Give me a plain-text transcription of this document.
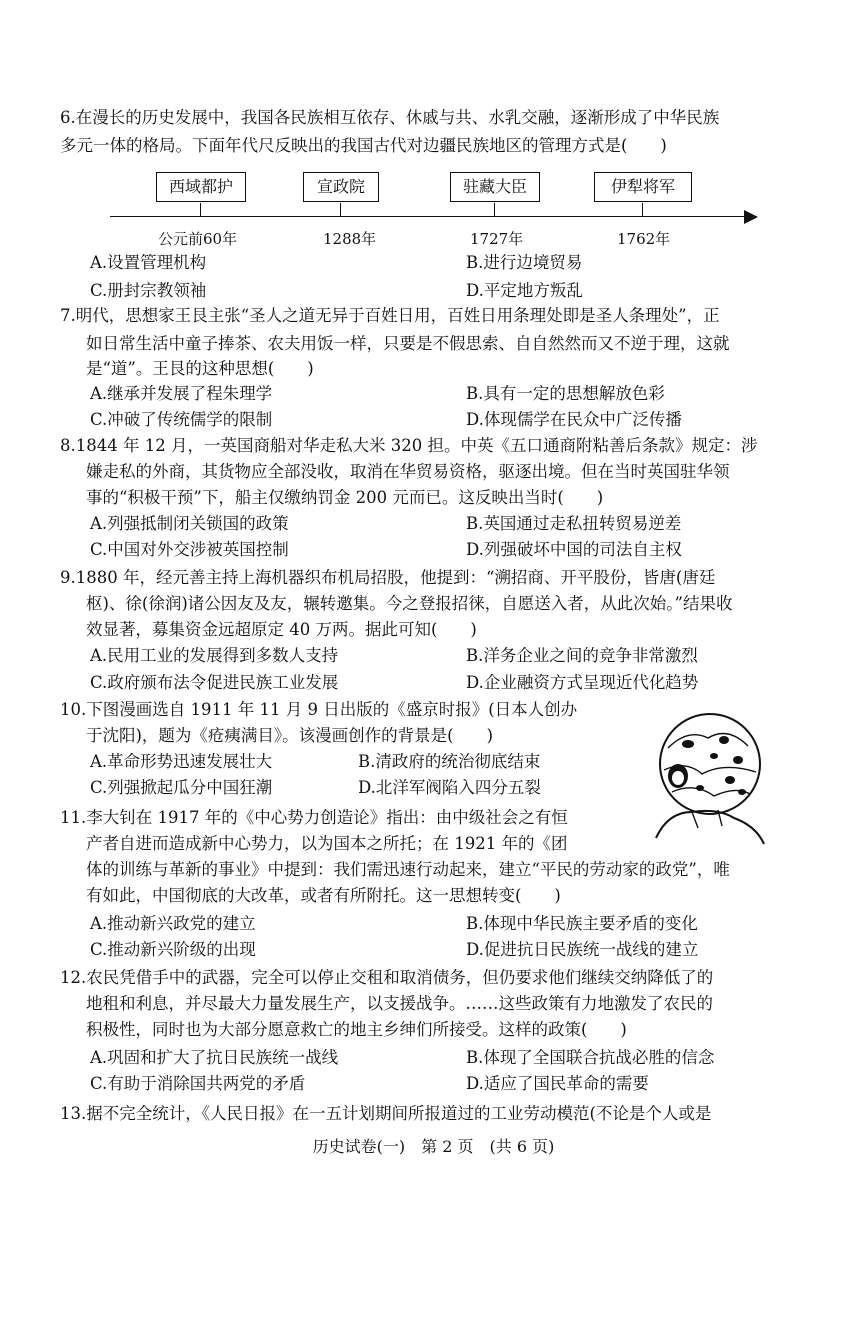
6.在漫长的历史发展中，我国各民族相互依存、休戚与共、水乳交融，逐渐形成了中华民族
多元一体的格局。下面年代尺反映出的我国古代对边疆民族地区的管理方式是(　　)
西域都护	宣政院	驻藏大臣	伊犁将军
公元前60年	1288年	1727年	1762年
A.设置管理机构	B.进行边境贸易
C.册封宗教领袖	D.平定地方叛乱
7.明代，思想家王艮主张“圣人之道无异于百姓日用，百姓日用条理处即是圣人条理处”，正
如日常生活中童子捧茶、农夫用饭一样，只要是不假思索、自自然然而又不逆于理，这就
是“道”。王艮的这种思想(　　)
A.继承并发展了程朱理学	B.具有一定的思想解放色彩
C.冲破了传统儒学的限制	D.体现儒学在民众中广泛传播
8.1844 年 12 月，一英国商船对华走私大米 320 担。中英《五口通商附粘善后条款》规定：涉
嫌走私的外商，其货物应全部没收，取消在华贸易资格，驱逐出境。但在当时英国驻华领
事的“积极干预”下，船主仅缴纳罚金 200 元而已。这反映出当时(　　)
A.列强抵制闭关锁国的政策	B.英国通过走私扭转贸易逆差
C.中国对外交涉被英国控制	D.列强破坏中国的司法自主权
9.1880 年，经元善主持上海机器织布机局招股，他提到：“溯招商、开平股份，皆唐(唐廷
枢)、徐(徐润)诸公因友及友，辗转邀集。今之登报招徕，自愿送入者，从此次始。”结果收
效显著，募集资金远超原定 40 万两。据此可知(　　)
A.民用工业的发展得到多数人支持	B.洋务企业之间的竞争非常激烈
C.政府颁布法令促进民族工业发展	D.企业融资方式呈现近代化趋势
10.下图漫画选自 1911 年 11 月 9 日出版的《盛京时报》(日本人创办
于沈阳)，题为《疮痍满目》。该漫画创作的背景是(　　)
A.革命形势迅速发展壮大	B.清政府的统治彻底结束
C.列强掀起瓜分中国狂潮	D.北洋军阀陷入四分五裂
11.李大钊在 1917 年的《中心势力创造论》指出：由中级社会之有恒
产者自进而造成新中心势力，以为国本之所托；在 1921 年的《团
体的训练与革新的事业》中提到：我们需迅速行动起来，建立“平民的劳动家的政党”，唯
有如此，中国彻底的大改革，或者有所附托。这一思想转变(　　)
A.推动新兴政党的建立	B.体现中华民族主要矛盾的变化
C.推动新兴阶级的出现	D.促进抗日民族统一战线的建立
12.农民凭借手中的武器，完全可以停止交租和取消债务，但仍要求他们继续交纳降低了的
地租和利息，并尽最大力量发展生产，以支援战争。……这些政策有力地激发了农民的
积极性，同时也为大部分愿意救亡的地主乡绅们所接受。这样的政策(　　)
A.巩固和扩大了抗日民族统一战线	B.体现了全国联合抗战必胜的信念
C.有助于消除国共两党的矛盾	D.适应了国民革命的需要
13.据不完全统计，《人民日报》在一五计划期间所报道过的工业劳动模范(不论是个人或是
历史试卷(一)　第 2 页　(共 6 页)
